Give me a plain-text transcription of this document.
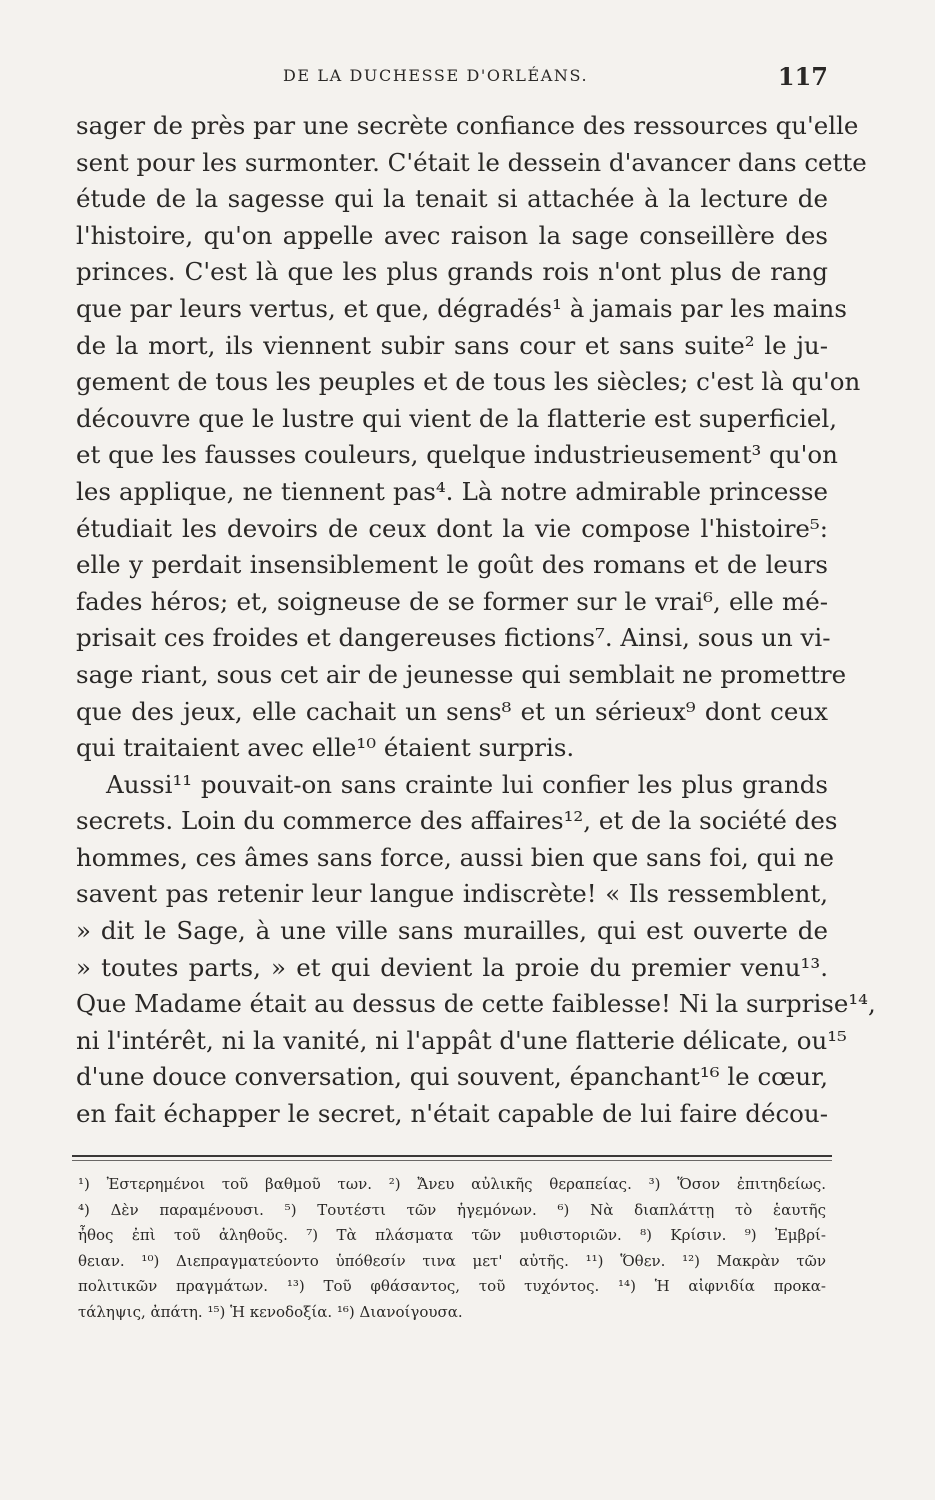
DE LA DUCHESSE D'ORLÉANS.	117
sager de près par une secrète confiance des ressources qu'elle
sent pour les surmonter. C'était le dessein d'avancer dans cette
étude de la sagesse qui la tenait si attachée à la lecture de
l'histoire, qu'on appelle avec raison la sage conseillère des
princes. C'est là que les plus grands rois n'ont plus de rang
que par leurs vertus, et que, dégradés¹ à jamais par les mains
de la mort, ils viennent subir sans cour et sans suite² le ju-
gement de tous les peuples et de tous les siècles; c'est là qu'on
découvre que le lustre qui vient de la flatterie est superficiel,
et que les fausses couleurs, quelque industrieusement³ qu'on
les applique, ne tiennent pas⁴. Là notre admirable princesse
étudiait les devoirs de ceux dont la vie compose l'histoire⁵:
elle y perdait insensiblement le goût des romans et de leurs
fades héros; et, soigneuse de se former sur le vrai⁶, elle mé-
prisait ces froides et dangereuses fictions⁷. Ainsi, sous un vi-
sage riant, sous cet air de jeunesse qui semblait ne promettre
que des jeux, elle cachait un sens⁸ et un sérieux⁹ dont ceux
qui traitaient avec elle¹⁰ étaient surpris.
Aussi¹¹ pouvait-on sans crainte lui confier les plus grands
secrets. Loin du commerce des affaires¹², et de la société des
hommes, ces âmes sans force, aussi bien que sans foi, qui ne
savent pas retenir leur langue indiscrète! « Ils ressemblent,
» dit le Sage, à une ville sans murailles, qui est ouverte de
» toutes parts, » et qui devient la proie du premier venu¹³.
Que Madame était au dessus de cette faiblesse! Ni la surprise¹⁴,
ni l'intérêt, ni la vanité, ni l'appât d'une flatterie délicate, ou¹⁵
d'une douce conversation, qui souvent, épanchant¹⁶ le cœur,
en fait échapper le secret, n'était capable de lui faire décou-
¹) Ἐστερημένοι τοῦ βαθμοῦ των. ²) Ἄνευ αὐλικῆς θεραπείας. ³) Ὅσον ἐπιτηδείως.
⁴) Δὲν παραμένουσι. ⁵) Τουτέστι τῶν ἡγεμόνων. ⁶) Νὰ διαπλάττῃ τὸ ἑαυτῆς
ἦθος ἐπὶ τοῦ ἀληθοῦς. ⁷) Τὰ πλάσματα τῶν μυθιστοριῶν. ⁸) Κρίσιν. ⁹) Ἐμβρί-
θειαν. ¹⁰) Διεπραγματεύοντο ὑπόθεσίν τινα μετ' αὐτῆς. ¹¹) Ὅθεν. ¹²) Μακρὰν τῶν
πολιτικῶν πραγμάτων. ¹³) Τοῦ φθάσαντος, τοῦ τυχόντος. ¹⁴) Ἡ αἰφνιδία προκα-
τάληψις, ἀπάτη. ¹⁵) Ἡ κενοδοξία. ¹⁶) Διανοίγουσα.
